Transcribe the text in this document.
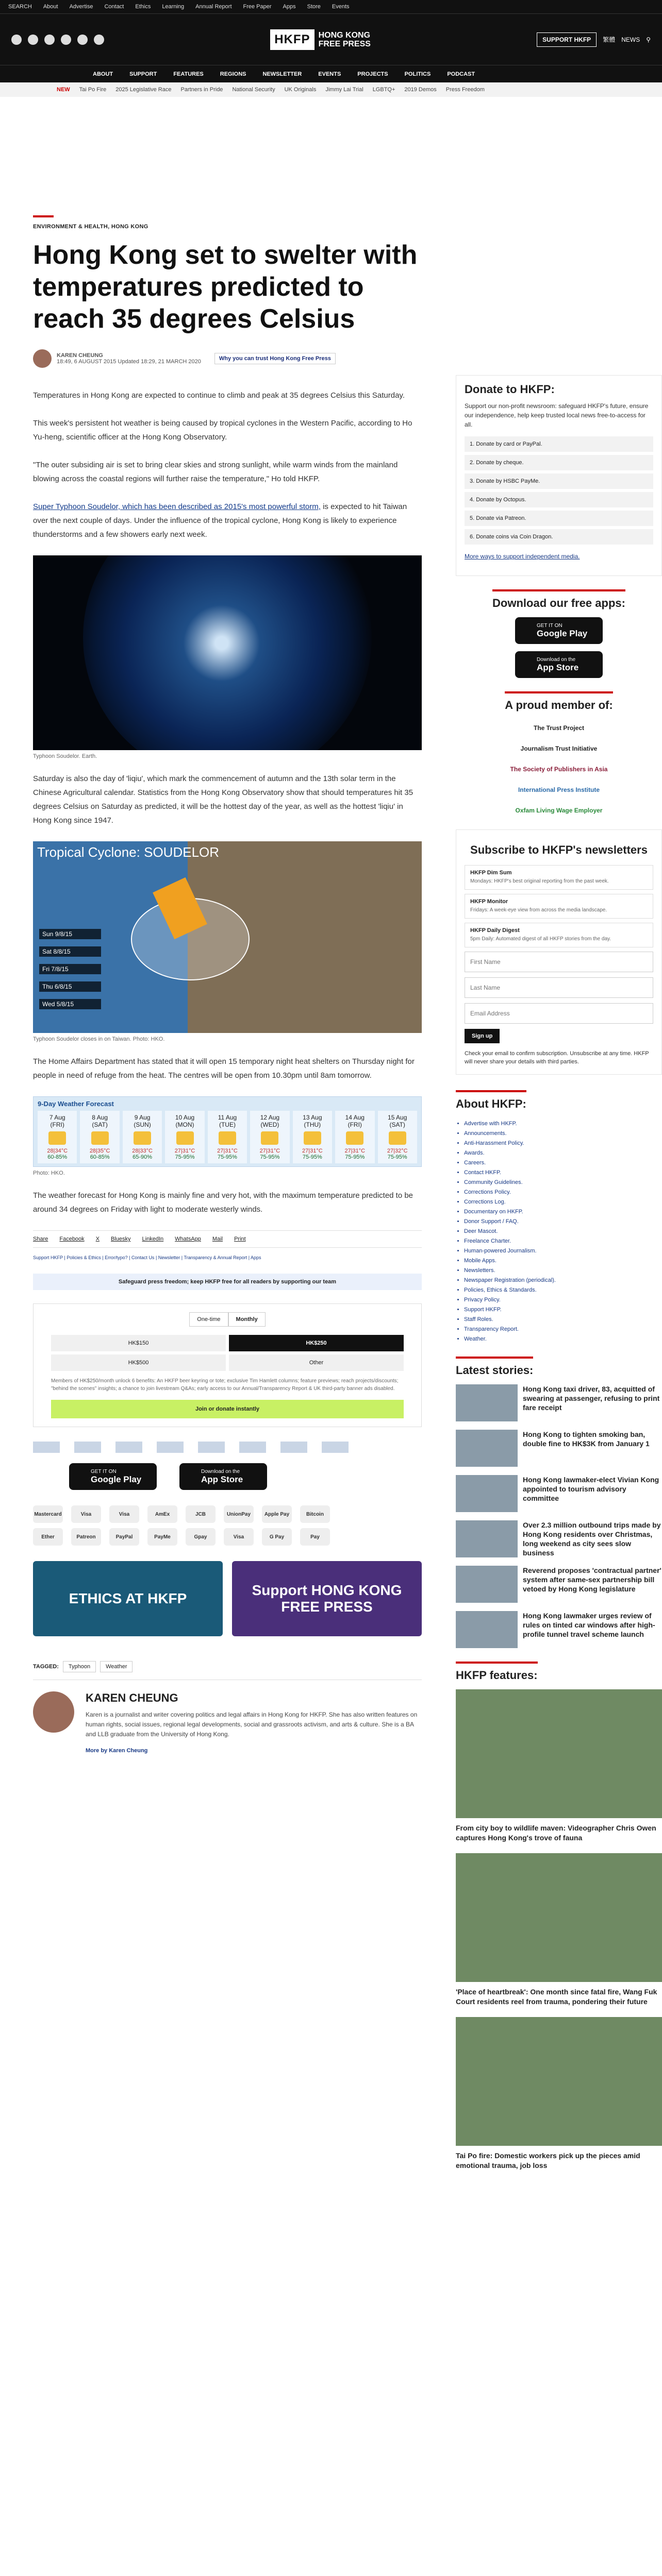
SEARCH About Advertise Contact Ethics Learning Annual Report Free Paper Apps Store Events
HKFP	HONG KONG
FREE PRESS	SUPPORT HKFP	繁體 NEWS ⚲
ABOUT	SUPPORT	FEATURES	REGIONS	NEWSLETTER	EVENTS	PROJECTS	POLITICS	PODCAST
NEW Tai Po Fire 2025 Legislative Race Partners in Pride National Security UK Originals Jimmy Lai Trial LGBTQ+ 2019 Demos Press Freedom
ENVIRONMENT & HEALTH, HONG KONG
Hong Kong set to swelter with temperatures predicted to reach 35 degrees Celsius
KAREN CHEUNG
18:49, 6 AUGUST 2015 Updated 18:29, 21 MARCH 2020	Why you can trust Hong Kong Free Press

Temperatures in Hong Kong are expected to continue to climb and peak at 35 degrees Celsius this Saturday.

This week's persistent hot weather is being caused by tropical cyclones in the Western Pacific, according to Ho Yu-heng, scientific officer at the Hong Kong Observatory.

"The outer subsiding air is set to bring clear skies and strong sunlight, while warm winds from the mainland blowing across the coastal regions will further raise the temperature," Ho told HKFP.

Super Typhoon Soudelor, which has been described as 2015's most powerful storm, is expected to hit Taiwan over the next couple of days. Under the influence of the tropical cyclone, Hong Kong is likely to experience thunderstorms and a few showers early next week.

Typhoon Soudelor. Earth.

Saturday is also the day of 'liqiu', which mark the commencement of autumn and the 13th solar term in the Chinese Agricultural calendar. Statistics from the Hong Kong Observatory show that should temperatures hit 35 degrees Celsius on Saturday as predicted, it will be the hottest day of the year, as well as the hottest 'liqiu' in Hong Kong since 1947.

Tropical Cyclone: SOUDELOR
Sun 9/8/15
Sat 8/8/15
Fri 7/8/15
Thu 6/8/15
Wed 5/8/15
Typhoon Soudelor closes in on Taiwan. Photo: HKO.

The Home Affairs Department has stated that it will open 15 temporary night heat shelters on Thursday night for people in need of refuge from the heat. The centres will be open from 10.30pm until 8am tomorrow.

9-Day Weather Forecast
7 Aug
(FRI)
28|34°C
60-85%
8 Aug
(SAT)
28|35°C
60-85%
9 Aug
(SUN)
28|33°C
65-90%
10 Aug
(MON)
27|31°C
75-95%
11 Aug
(TUE)
27|31°C
75-95%
12 Aug
(WED)
27|31°C
75-95%
13 Aug
(THU)
27|31°C
75-95%
14 Aug
(FRI)
27|31°C
75-95%
15 Aug
(SAT)
27|32°C
75-95%
Photo: HKO.

The weather forecast for Hong Kong is mainly fine and very hot, with the maximum temperature predicted to be around 34 degrees on Friday with light to moderate westerly winds.

Share Facebook X Bluesky LinkedIn WhatsApp Mail Print
Support HKFP | Policies & Ethics | Error/typo? | Contact Us | Newsletter | Transparency & Annual Report | Apps
Safeguard press freedom; keep HKFP free for all readers by supporting our team
One-time	Monthly
HK$150	HK$250
HK$500	Other
Members of HK$250/month unlock 6 benefits: An HKFP beer keyring or tote; exclusive Tim Hamlett columns; feature previews; reach projects/discounts; "behind the scenes" insights; a chance to join livestream Q&As; early access to our Annual/Transparency Report & UK third-party banner ads disabled.
Join or donate instantly
GET IT ON
Google Play
Download on the
App Store
Mastercard	Visa	Visa	AmEx	JCB	UnionPay	Apple Pay	Bitcoin
Ether	Patreon	PayPal	PayMe	Gpay	Visa	G Pay	Pay
ETHICS AT HKFP
Support HONG KONG FREE PRESS
TAGGED:	Typhoon	Weather
KAREN CHEUNG

Karen is a journalist and writer covering politics and legal affairs in Hong Kong for HKFP. She has also written features on human rights, social issues, regional legal developments, social and grassroots activism, and arts & culture. She is a BA and LLB graduate from the University of Hong Kong.

More by Karen Cheung
Donate to HKFP:

Support our non-profit newsroom: safeguard HKFP's future, ensure our independence, help keep trusted local news free-to-access for all.

1. Donate by card or PayPal.
2. Donate by cheque.
3. Donate by HSBC PayMe.
4. Donate by Octopus.
5. Donate via Patreon.
6. Donate coins via Coin Dragon.

More ways to support independent media.

Download our free apps:
GET IT ON
Google Play
Download on the
App Store
A proud member of:
The Trust Project
Journalism Trust Initiative
The Society of Publishers in Asia
International Press Institute
Oxfam Living Wage Employer
Subscribe to HKFP's newsletters
HKFP Dim Sum
Mondays: HKFP's best original reporting from the past week.
HKFP Monitor
Fridays: A week-eye view from across the media landscape.
HKFP Daily Digest
5pm Daily: Automated digest of all HKFP stories from the day.
First Name Last Name Email Address Sign up

Check your email to confirm subscription. Unsubscribe at any time. HKFP will never share your details with third parties.

About HKFP:
• Advertise with HKFP.
• Announcements.
• Anti-Harassment Policy.
• Awards.
• Careers.
• Contact HKFP.
• Community Guidelines.
• Corrections Policy.
• Corrections Log.
• Documentary on HKFP.
• Donor Support / FAQ.
• Deer Mascot.
• Freelance Charter.
• Human-powered Journalism.
• Mobile Apps.
• Newsletters.
• Newspaper Registration (periodical).
• Policies, Ethics & Standards.
• Privacy Policy.
• Support HKFP.
• Staff Roles.
• Transparency Report.
• Weather.
Latest stories:
Hong Kong taxi driver, 83, acquitted of swearing at passenger, refusing to print fare receipt
Hong Kong to tighten smoking ban, double fine to HK$3K from January 1
Hong Kong lawmaker-elect Vivian Kong appointed to tourism advisory committee
Over 2.3 million outbound trips made by Hong Kong residents over Christmas, long weekend as city sees slow business
Reverend proposes 'contractual partner' system after same-sex partnership bill vetoed by Hong Kong legislature
Hong Kong lawmaker urges review of rules on tinted car windows after high-profile tunnel travel scheme launch
HKFP features:
From city boy to wildlife maven: Videographer Chris Owen captures Hong Kong's trove of fauna
'Place of heartbreak': One month since fatal fire, Wang Fuk Court residents reel from trauma, pondering their future
Tai Po fire: Domestic workers pick up the pieces amid emotional trauma, job loss
